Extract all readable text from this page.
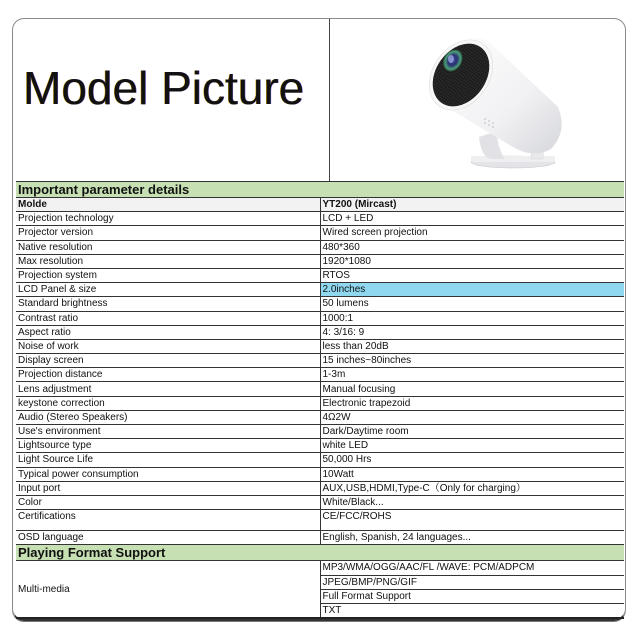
Model Picture
Important parameter details	
Molde	YT200 (Mircast)
Projection technology	LCD + LED
Projector version	Wired screen projection
Native resolution	480*360
Max resolution	1920*1080
Projection system	RTOS
LCD Panel & size	2.0inches
Standard brightness	50 lumens
Contrast ratio	1000:1
Aspect ratio	4: 3/16: 9
Noise of work	less than 20dB
Display screen	15 inches~80inches
Projection distance	1-3m
Lens adjustment	Manual focusing
keystone correction	Electronic trapezoid
Audio (Stereo Speakers)	4Ω2W
Use's environment	Dark/Daytime room
Lightsource type	white LED
Light Source Life	50,000 Hrs
Typical power consumption	10Watt
Input port	AUX,USB,HDMI,Type-C（Only for charging）
Color	White/Black...
Certifications	CE/FCC/ROHS
OSD language	English, Spanish, 24 languages...
Playing Format Support	
Multi-media	MP3/WMA/OGG/AAC/FL /WAVE: PCM/ADPCM
	JPEG/BMP/PNG/GIF
	Full Format Support
	TXT
